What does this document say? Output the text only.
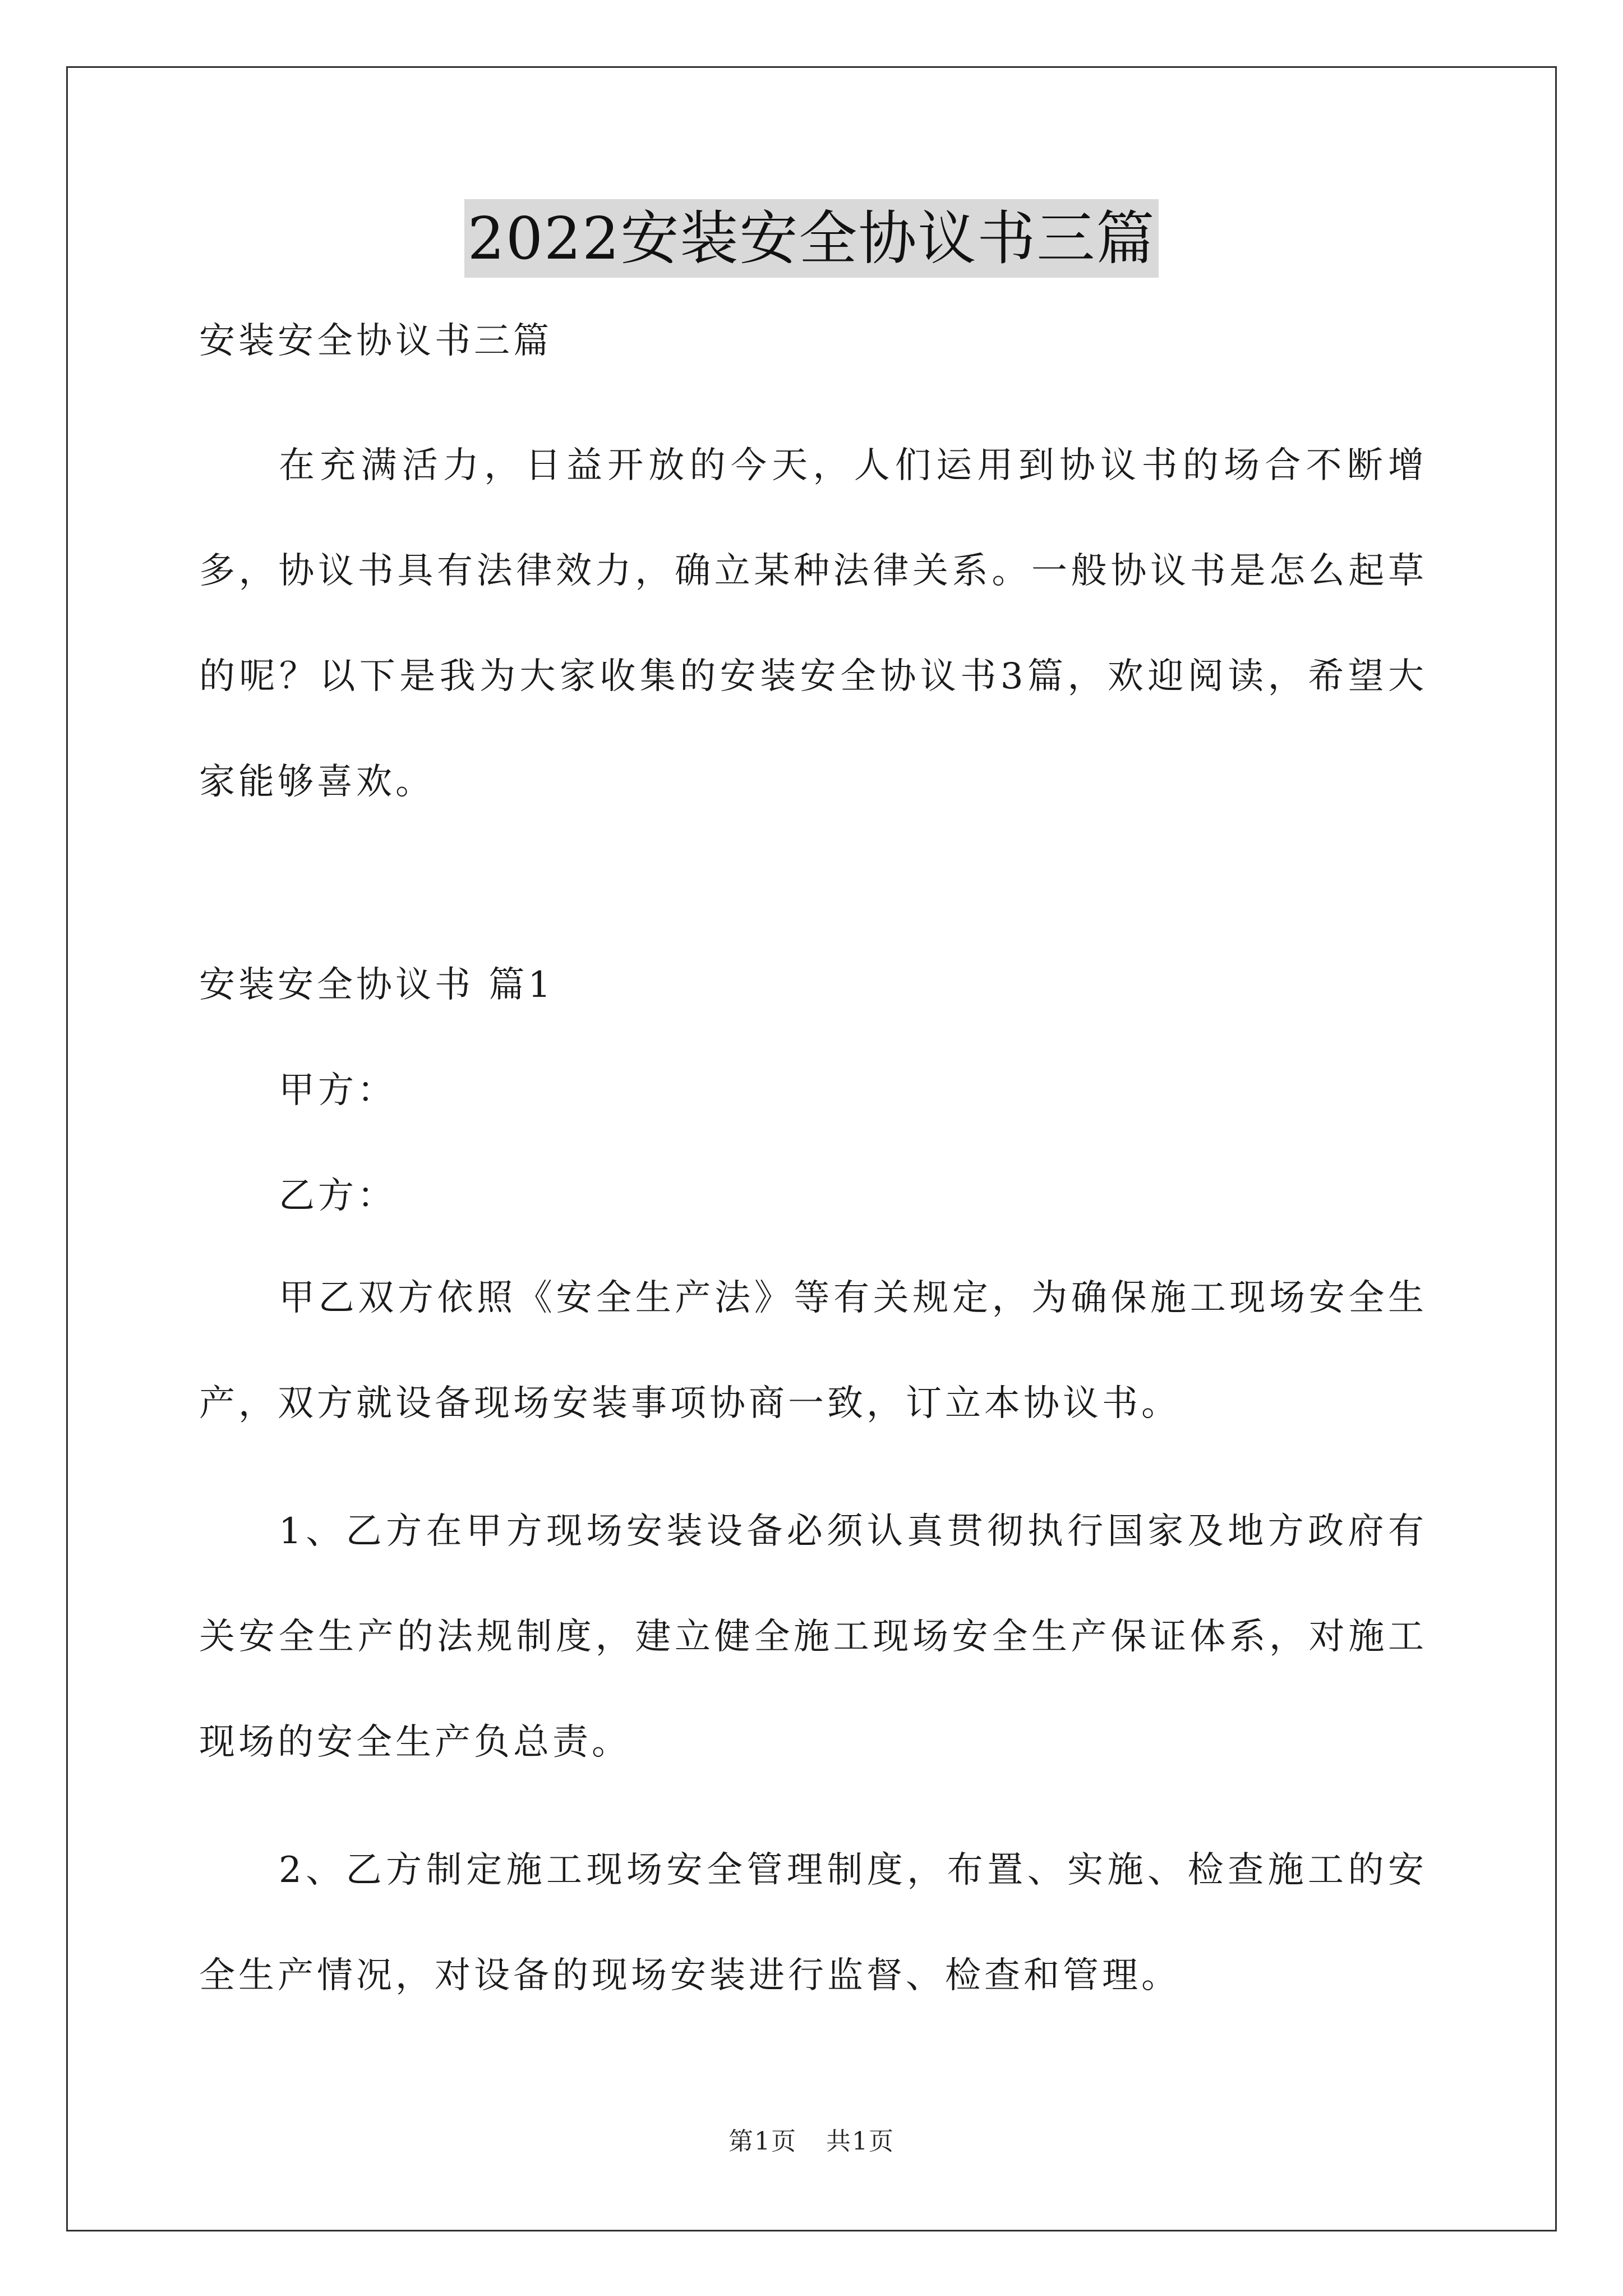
2022安装安全协议书三篇

安装安全协议书三篇

在充满活力，日益开放的今天，人们运用到协议书的场合不断增多，协议书具有法律效力，确立某种法律关系。一般协议书是怎么起草的呢？以下是我为大家收集的安装安全协议书3篇，欢迎阅读，希望大家能够喜欢。

安装安全协议书 篇1

甲方：

乙方：

甲乙双方依照《安全生产法》等有关规定，为确保施工现场安全生产，双方就设备现场安装事项协商一致，订立本协议书。

1、乙方在甲方现场安装设备必须认真贯彻执行国家及地方政府有关安全生产的法规制度，建立健全施工现场安全生产保证体系，对施工现场的安全生产负总责。

2、乙方制定施工现场安全管理制度，布置、实施、检查施工的安全生产情况，对设备的现场安装进行监督、检查和管理。

第1页 共1页
